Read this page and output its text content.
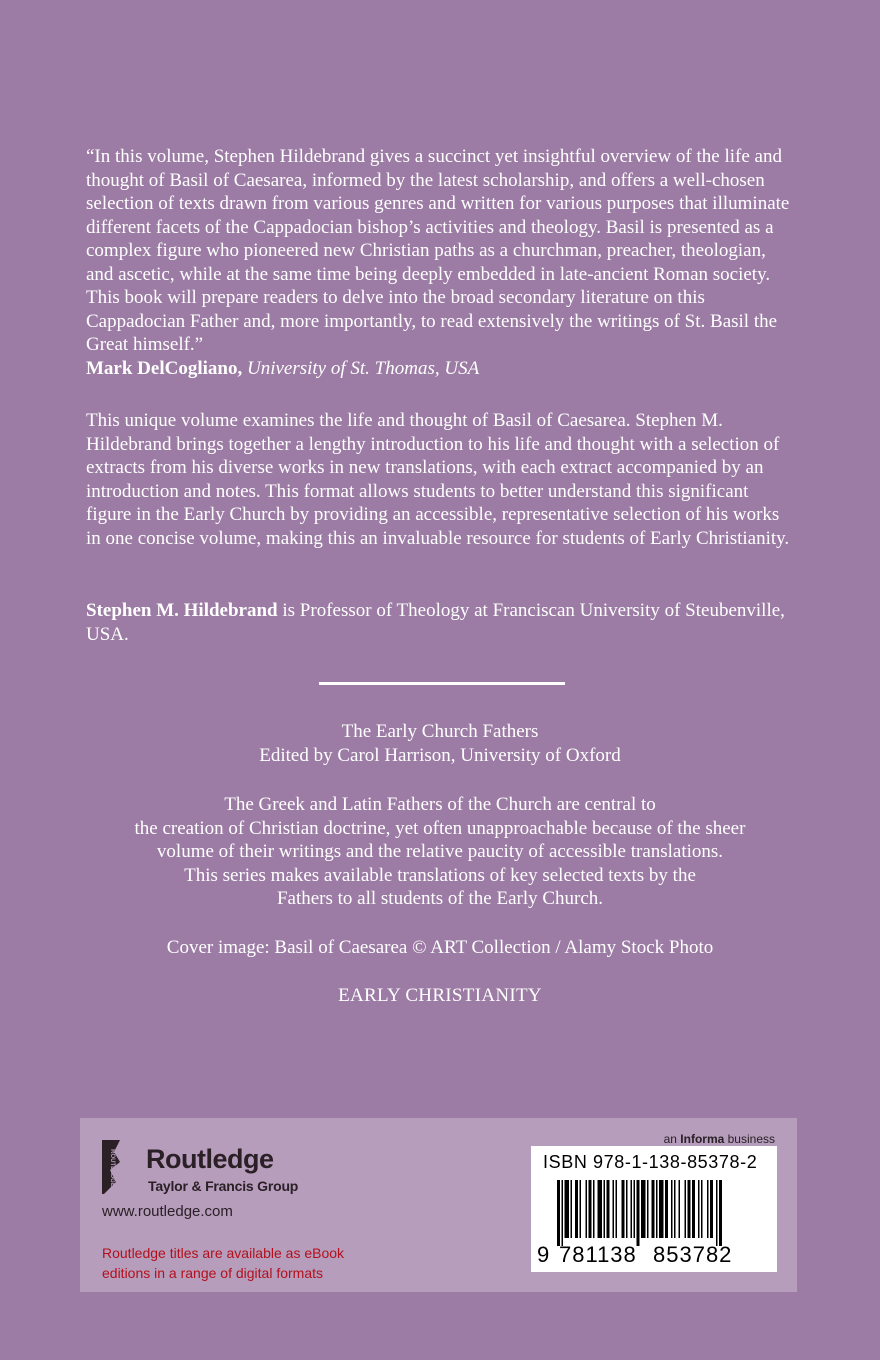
“In this volume, Stephen Hildebrand gives a succinct yet insightful overview of the life and thought of Basil of Caesarea, informed by the latest scholarship, and offers a well-chosen selection of texts drawn from various genres and written for various purposes that illuminate different facets of the Cappadocian bishop’s activities and theology. Basil is presented as a complex figure who pioneered new Christian paths as a churchman, preacher, theologian, and ascetic, while at the same time being deeply embedded in late-ancient Roman society. This book will prepare readers to delve into the broad secondary literature on this Cappadocian Father and, more importantly, to read extensively the writings of St. Basil the Great himself.”
Mark DelCogliano, University of St. Thomas, USA

This unique volume examines the life and thought of Basil of Caesarea. Stephen M. Hildebrand brings together a lengthy introduction to his life and thought with a selection of extracts from his diverse works in new translations, with each extract accompanied by an introduction and notes. This format allows students to better understand this significant figure in the Early Church by providing an accessible, representative selection of his works in one concise volume, making this an invaluable resource for students of Early Christianity.

Stephen M. Hildebrand is Professor of Theology at Franciscan University of Steubenville, USA.

The Early Church Fathers
Edited by Carol Harrison, University of Oxford

The Greek and Latin Fathers of the Church are central to
the creation of Christian doctrine, yet often unapproachable because of the sheer
volume of their writings and the relative paucity of accessible translations.
This series makes available translations of key selected texts by the
Fathers to all students of the Early Church.

Cover image: Basil of Caesarea © ART Collection / Alamy Stock Photo

EARLY CHRISTIANITY

ROUTLEDGE Routledge
Taylor & Francis Group
www.routledge.com
Routledge titles are available as eBook
editions in a range of digital formats
an Informa business
ISBN 978-1-138-85378-2
9 781138 853782
